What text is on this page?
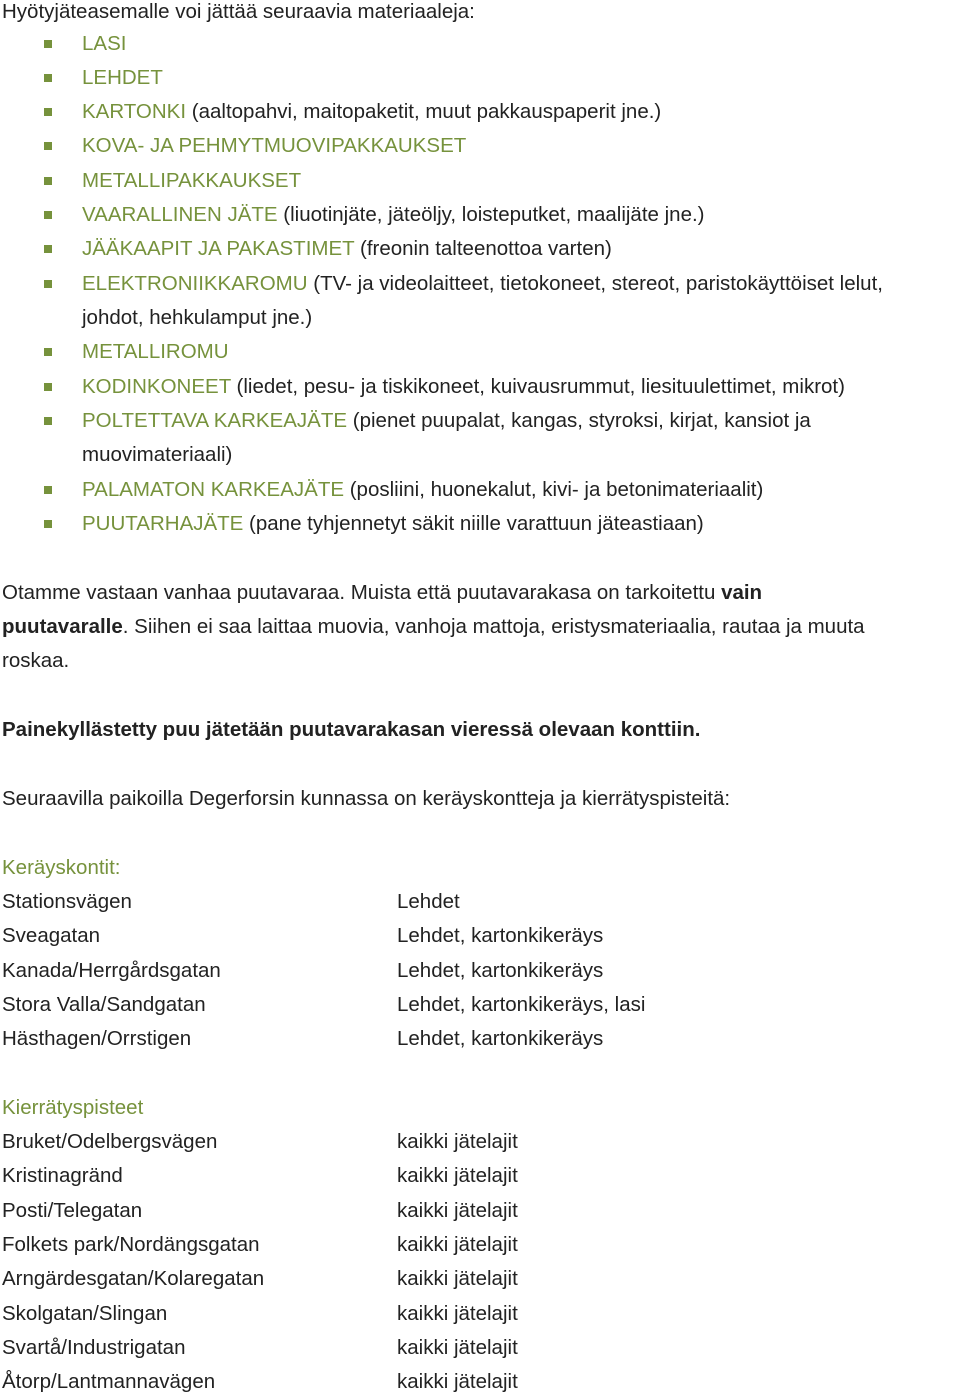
Hyötyjäteasemalle voi jättää seuraavia materiaaleja:
LASI
LEHDET
KARTONKI (aaltopahvi, maitopaketit, muut pakkauspaperit jne.)
KOVA- JA PEHMYTMUOVIPAKKAUKSET
METALLIPAKKAUKSET
VAARALLINEN JÄTE (liuotinjäte, jäteöljy, loisteputket, maalijäte jne.)
JÄÄKAAPIT JA PAKASTIMET (freonin talteenottoa varten)
ELEKTRONIIKKAROMU (TV- ja videolaitteet, tietokoneet, stereot, paristokäyttöiset lelut,
johdot, hehkulamput jne.)
METALLIROMU
KODINKONEET (liedet, pesu- ja tiskikoneet, kuivausrummut, liesituulettimet, mikrot)
POLTETTAVA KARKEAJÄTE (pienet puupalat, kangas, styroksi, kirjat, kansiot ja
muovimateriaali)
PALAMATON KARKEAJÄTE (posliini, huonekalut, kivi- ja betonimateriaalit)
PUUTARHAJÄTE (pane tyhjennetyt säkit niille varattuun jäteastiaan)
Otamme vastaan vanhaa puutavaraa. Muista että puutavarakasa on tarkoitettu vain
puutavaralle. Siihen ei saa laittaa muovia, vanhoja mattoja, eristysmateriaalia, rautaa ja muuta
roskaa.
Painekyllästetty puu jätetään puutavarakasan vieressä olevaan konttiin.
Seuraavilla paikoilla Degerforsin kunnassa on keräyskontteja ja kierrätyspisteitä:
Keräyskontit:
Stationsvägen	Lehdet
Sveagatan	Lehdet, kartonkikeräys
Kanada/Herrgårdsgatan	Lehdet, kartonkikeräys
Stora Valla/Sandgatan	Lehdet, kartonkikeräys, lasi
Hästhagen/Orrstigen	Lehdet, kartonkikeräys
Kierrätyspisteet
Bruket/Odelbergsvägen	kaikki jätelajit
Kristinagränd	kaikki jätelajit
Posti/Telegatan	kaikki jätelajit
Folkets park/Nordängsgatan	kaikki jätelajit
Arngärdesgatan/Kolaregatan	kaikki jätelajit
Skolgatan/Slingan	kaikki jätelajit
Svartå/Industrigatan	kaikki jätelajit
Åtorp/Lantmannavägen	kaikki jätelajit
